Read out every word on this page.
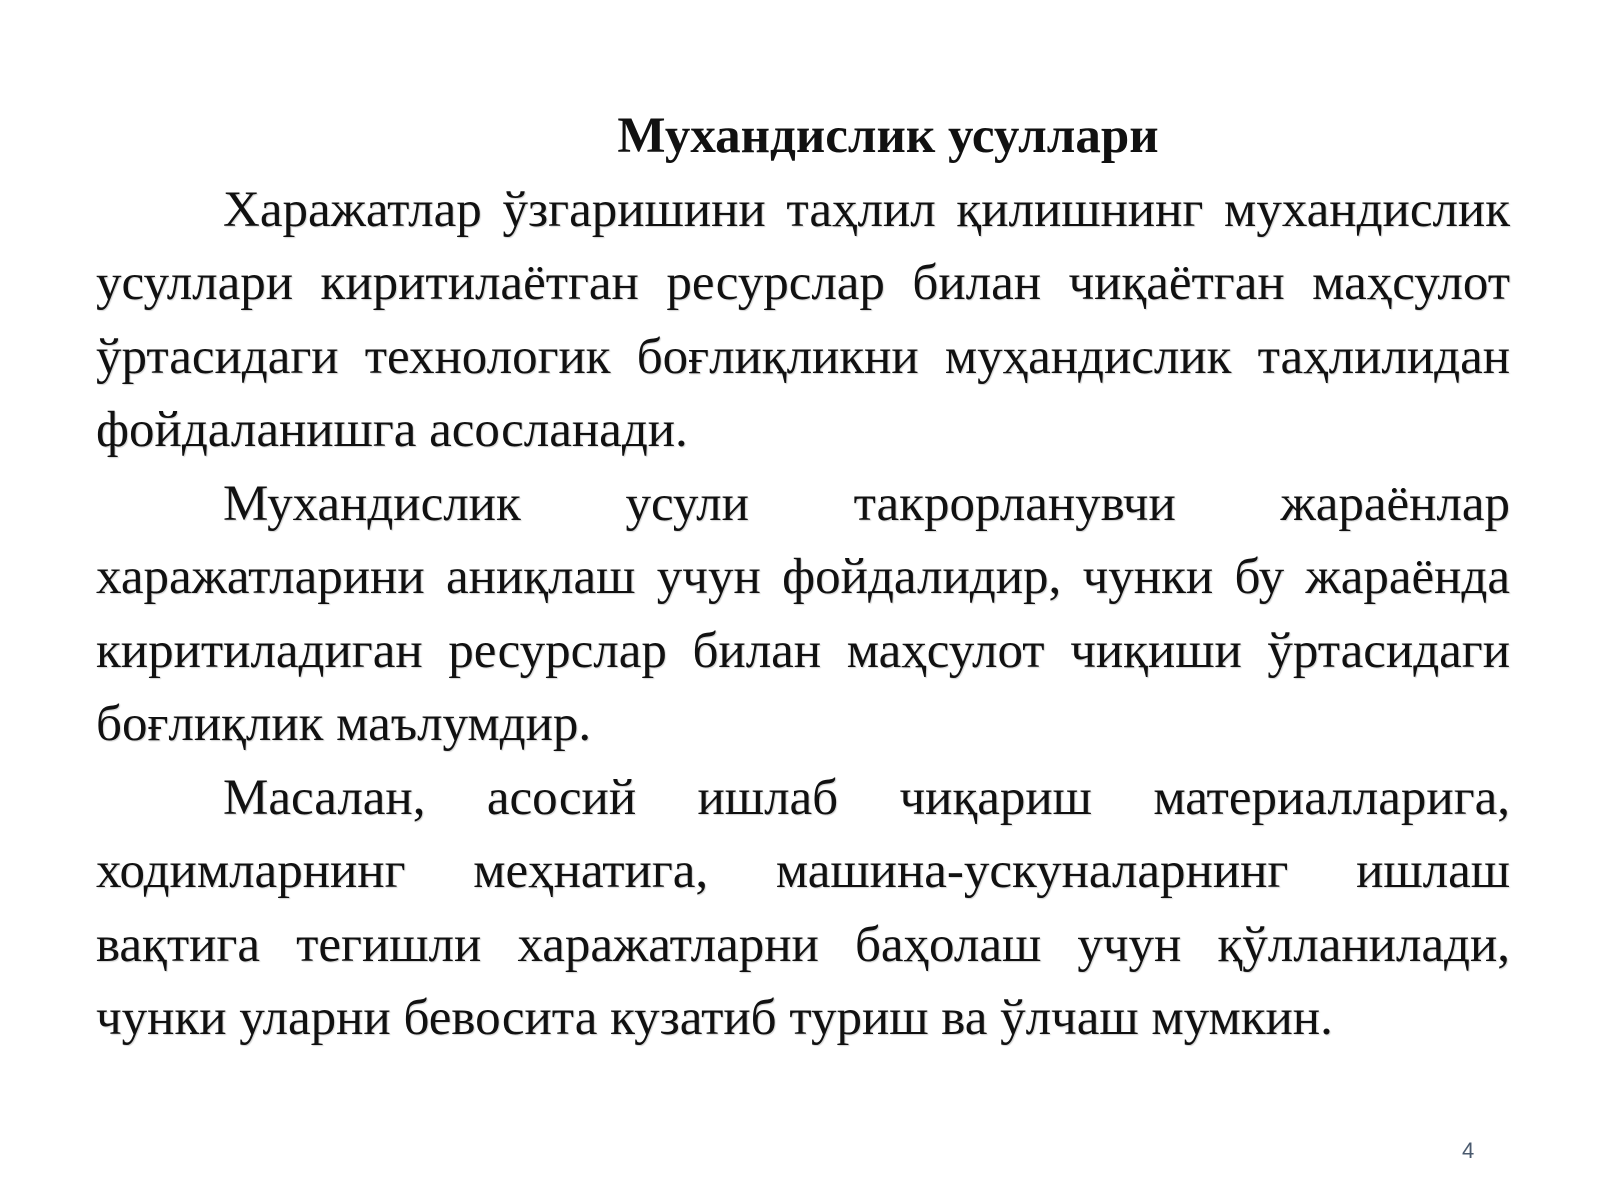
Мухандислик усуллари

Харажатлар ўзгаришини таҳлил қилишнинг мухандислик усуллари киритилаётган ресурслар билан чиқаётган маҳсулот ўртасидаги технологик боғлиқликни муҳандислик таҳлилидан фойдаланишга асосланади.

Мухандислик усули такрорланувчи жараёнлар харажатларини аниқлаш учун фойдалидир, чунки бу жараёнда киритиладиган ресурслар билан маҳсулот чиқиши ўртасидаги боғлиқлик маълумдир.

Масалан, асосий ишлаб чиқариш материалларига, ходимларнинг меҳнатига, машина-ускуналарнинг ишлаш вақтига тегишли харажатларни баҳолаш учун қўлланилади, чунки уларни бевосита кузатиб туриш ва ўлчаш мумкин.

4
